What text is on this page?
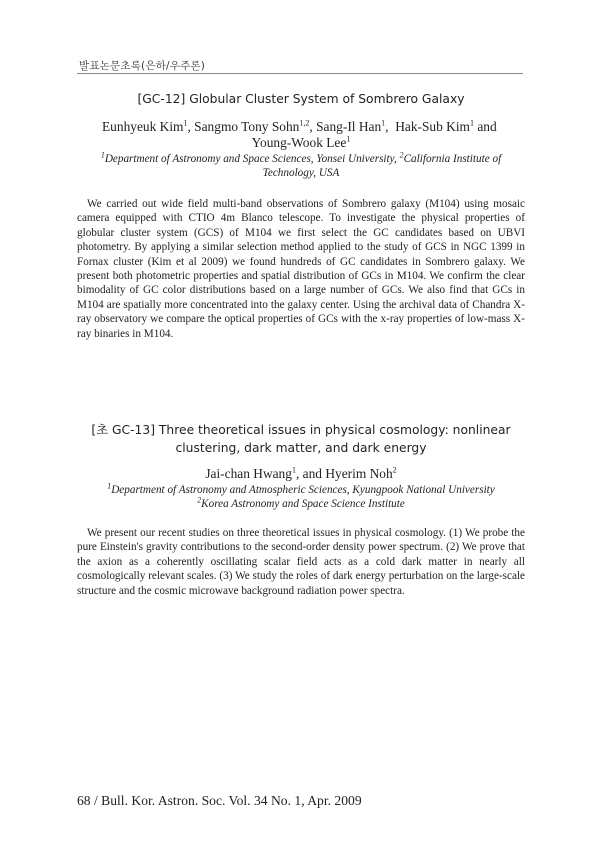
발표논문초록(은하/우주론)

[GC-12] Globular Cluster System of Sombrero Galaxy

Eunhyeuk Kim$^1$, Sangmo Tony Sohn$^{1,2}$, Sang-Il Han$^1$,  Hak-Sub Kim$^1$ and
Young-Wook Lee$^1$

$^1$Department of Astronomy and Space Sciences, Yonsei University, $^2$California Institute of Technology, USA

We carried out wide field multi-band observations of Sombrero galaxy (M104) using mosaic camera equipped with CTIO 4m Blanco telescope. To investigate the physical properties of globular cluster system (GCS) of M104 we first select the GC candidates based on UBVI photometry. By applying a similar selection method applied to the study of GCS in NGC 1399 in Fornax cluster (Kim et al 2009) we found hundreds of GC candidates in Sombrero galaxy. We present both photometric properties and spatial distribution of GCs in M104. We confirm the clear bimodality of GC color distributions based on a large number of GCs. We also find that GCs in M104 are spatially more concentrated into the galaxy center. Using the archival data of Chandra X-ray observatory we compare the optical properties of GCs with the x-ray properties of low-mass X-ray binaries in M104.

[초 GC-13] Three theoretical issues in physical cosmology: nonlinear clustering, dark matter, and dark energy

Jai-chan Hwang$^1$, and Hyerim Noh$^2$

$^1$Department of Astronomy and Atmospheric Sciences, Kyungpook National University
$^2$Korea Astronomy and Space Science Institute

We present our recent studies on three theoretical issues in physical cosmology. (1) We probe the pure Einstein's gravity contributions to the second-order density power spectrum. (2) We prove that the axion as a coherently oscillating scalar field acts as a cold dark matter in nearly all cosmologically relevant scales. (3) We study the roles of dark energy perturbation on the large-scale structure and the cosmic microwave background radiation power spectra.

68 / Bull. Kor. Astron. Soc. Vol. 34 No. 1, Apr. 2009
